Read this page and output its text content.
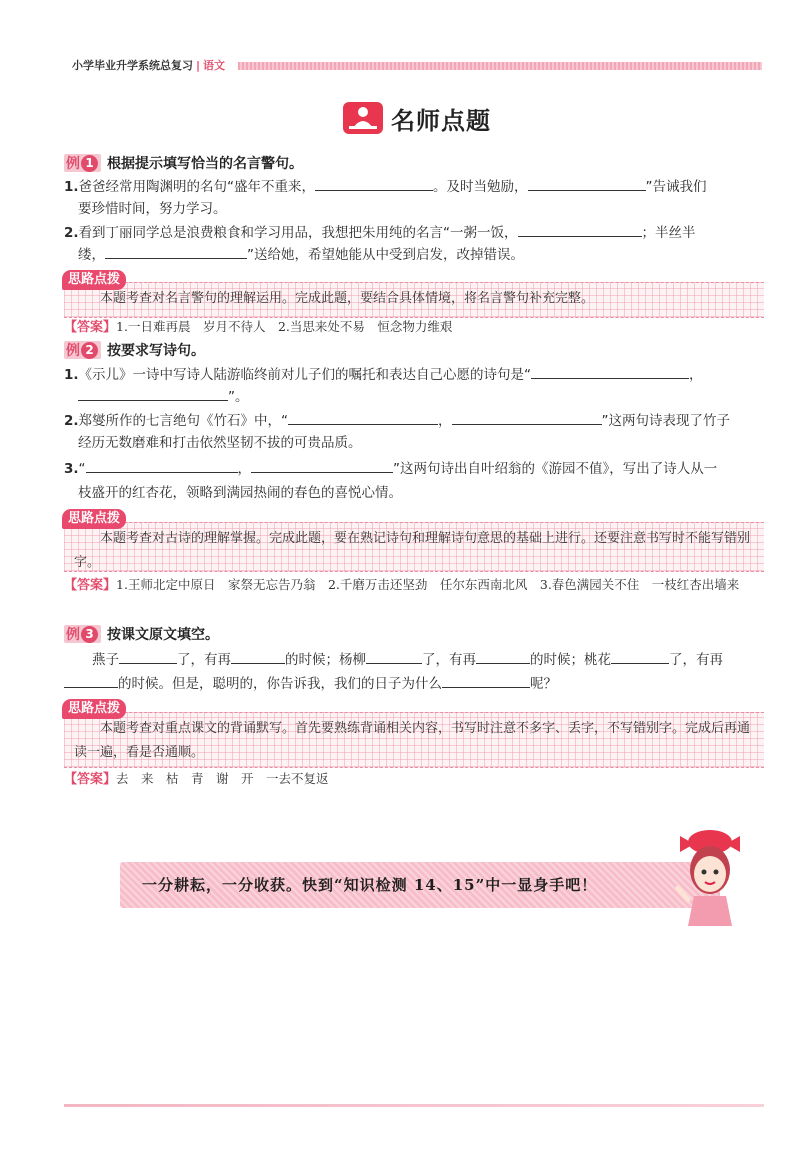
小学毕业升学系统总复习 | 语文
名师点题
例 1 根据提示填写恰当的名言警句。
1.爸爸经常用陶渊明的名句“盛年不重来，	。及时当勉励，	”告诫我们
要珍惜时间，努力学习。
2.看到丁丽同学总是浪费粮食和学习用品，我想把朱用纯的名言“一粥一饭，	；半丝半
缕，	”送给她，希望她能从中受到启发，改掉错误。
本题考查对名言警句的理解运用。完成此题，要结合具体情境，将名言警句补充完整。
思路点拨
【答案】1.一日难再晨　岁月不待人　2.当思来处不易　恒念物力维艰
例 2 按要求写诗句。
1.《示儿》一诗中写诗人陆游临终前对儿子们的嘱托和表达自己心愿的诗句是“	，
”。
2.郑燮所作的七言绝句《竹石》中，“	，	”这两句诗表现了竹子
经历无数磨难和打击依然坚韧不拔的可贵品质。
3.“	，	”这两句诗出自叶绍翁的《游园不值》，写出了诗人从一
枝盛开的红杏花，领略到满园热闹的春色的喜悦心情。
本题考查对古诗的理解掌握。完成此题，要在熟记诗句和理解诗句意思的基础上进行。还要注意书写时不能写错别字。
思路点拨
【答案】1.王师北定中原日　家祭无忘告乃翁　2.千磨万击还坚劲　任尔东西南北风　3.春色满园关不住　一枝红杏出墙来
例 3 按课文原文填空。
燕子	了，有再	的时候；杨柳	了，有再	的时候；桃花	了，有再
的时候。但是，聪明的，你告诉我，我们的日子为什么	呢？
本题考查对重点课文的背诵默写。首先要熟练背诵相关内容，书写时注意不多字、丢字，不写错别字。完成后再通读一遍，看是否通顺。
思路点拨
【答案】去　来　枯　青　谢　开　一去不复返
一分耕耘，一分收获。快到“知识检测 14、15”中一显身手吧！
